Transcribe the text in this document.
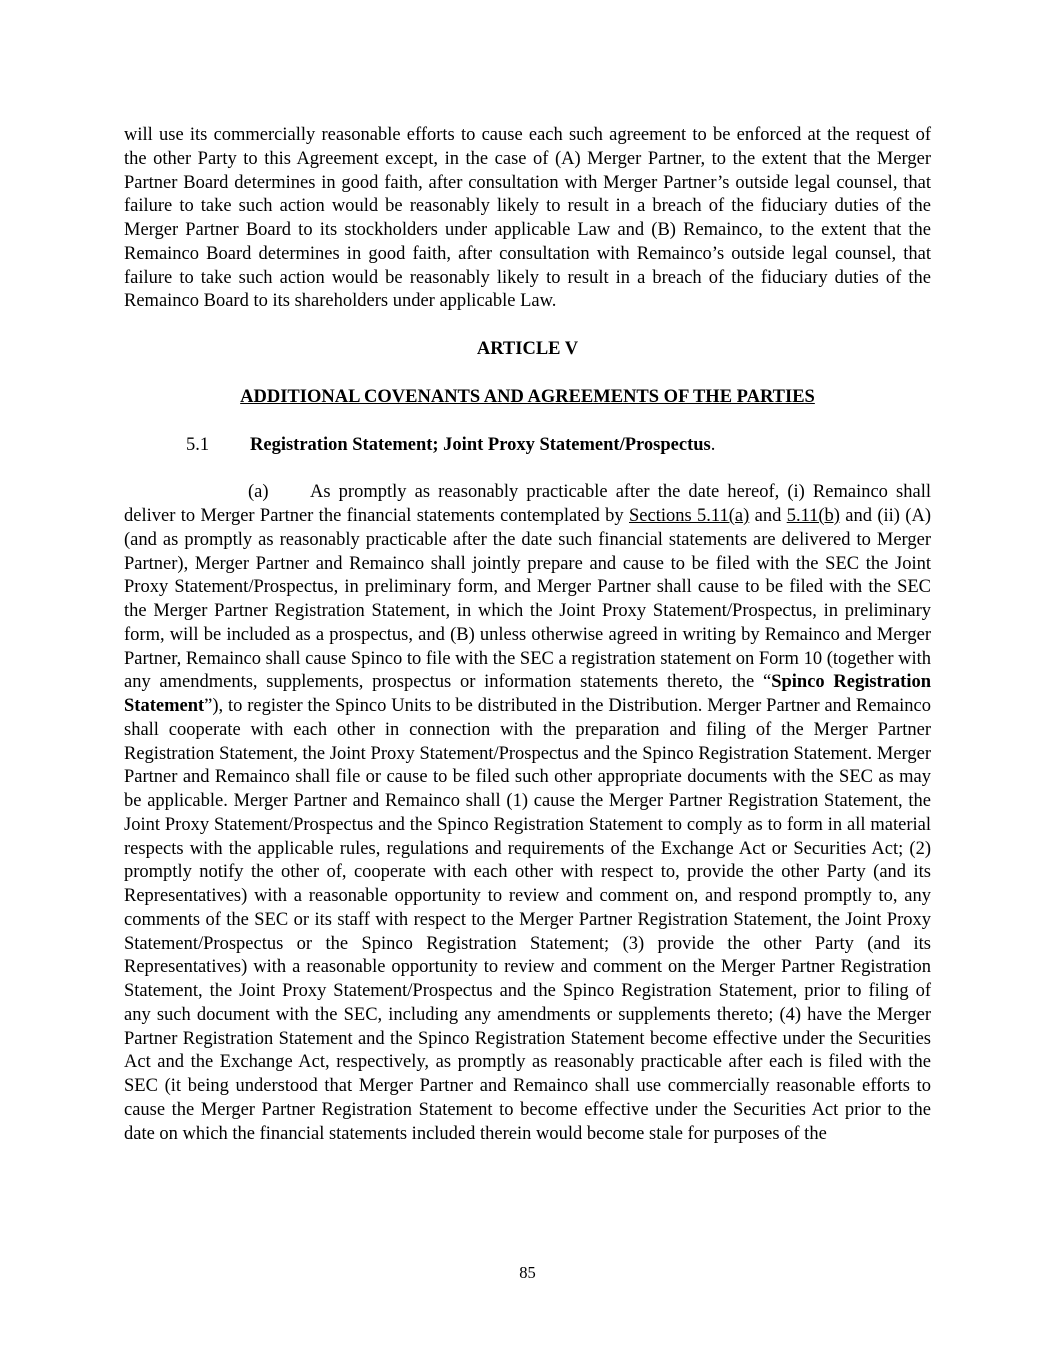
will use its commercially reasonable efforts to cause each such agreement to be enforced at the request of the other Party to this Agreement except, in the case of (A) Merger Partner, to the extent that the Merger Partner Board determines in good faith, after consultation with Merger Partner’s outside legal counsel, that failure to take such action would be reasonably likely to result in a breach of the fiduciary duties of the Merger Partner Board to its stockholders under applicable Law and (B) Remainco, to the extent that the Remainco Board determines in good faith, after consultation with Remainco’s outside legal counsel, that failure to take such action would be reasonably likely to result in a breach of the fiduciary duties of the Remainco Board to its shareholders under applicable Law.

ARTICLE V
ADDITIONAL COVENANTS AND AGREEMENTS OF THE PARTIES
5.1 Registration Statement; Joint Proxy Statement/Prospectus.

(a) As promptly as reasonably practicable after the date hereof, (i) Remainco shall deliver to Merger Partner the financial statements contemplated by Sections 5.11(a) and 5.11(b) and (ii) (A) (and as promptly as reasonably practicable after the date such financial statements are delivered to Merger Partner), Merger Partner and Remainco shall jointly prepare and cause to be filed with the SEC the Joint Proxy Statement/Prospectus, in preliminary form, and Merger Partner shall cause to be filed with the SEC the Merger Partner Registration Statement, in which the Joint Proxy Statement/Prospectus, in preliminary form, will be included as a prospectus, and (B) unless otherwise agreed in writing by Remainco and Merger Partner, Remainco shall cause Spinco to file with the SEC a registration statement on Form 10 (together with any amendments, supplements, prospectus or information statements thereto, the “Spinco Registration Statement”), to register the Spinco Units to be distributed in the Distribution. Merger Partner and Remainco shall cooperate with each other in connection with the preparation and filing of the Merger Partner Registration Statement, the Joint Proxy Statement/Prospectus and the Spinco Registration Statement. Merger Partner and Remainco shall file or cause to be filed such other appropriate documents with the SEC as may be applicable. Merger Partner and Remainco shall (1) cause the Merger Partner Registration Statement, the Joint Proxy Statement/Prospectus and the Spinco Registration Statement to comply as to form in all material respects with the applicable rules, regulations and requirements of the Exchange Act or Securities Act; (2) promptly notify the other of, cooperate with each other with respect to, provide the other Party (and its Representatives) with a reasonable opportunity to review and comment on, and respond promptly to, any comments of the SEC or its staff with respect to the Merger Partner Registration Statement, the Joint Proxy Statement/Prospectus or the Spinco Registration Statement; (3) provide the other Party (and its Representatives) with a reasonable opportunity to review and comment on the Merger Partner Registration Statement, the Joint Proxy Statement/Prospectus and the Spinco Registration Statement, prior to filing of any such document with the SEC, including any amendments or supplements thereto; (4) have the Merger Partner Registration Statement and the Spinco Registration Statement become effective under the Securities Act and the Exchange Act, respectively, as promptly as reasonably practicable after each is filed with the SEC (it being understood that Merger Partner and Remainco shall use commercially reasonable efforts to cause the Merger Partner Registration Statement to become effective under the Securities Act prior to the date on which the financial statements included therein would become stale for purposes of the

85
